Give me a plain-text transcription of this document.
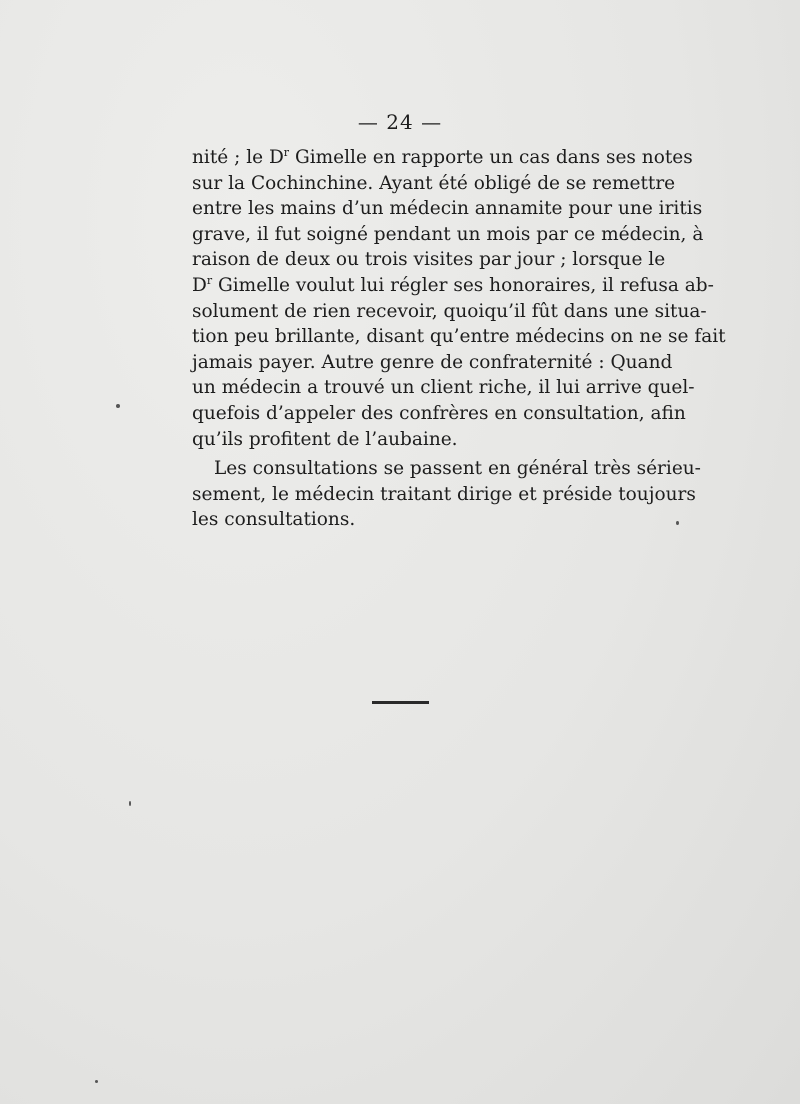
— 24 —
nité ; le $D^r$ Gimelle en rapporte un cas dans ses notes
sur la Cochinchine. Ayant été obligé de se remettre
entre les mains d’un médecin annamite pour une iritis
grave, il fut soigné pendant un mois par ce médecin, à
raison de deux ou trois visites par jour ; lorsque le
$D^r$ Gimelle voulut lui régler ses honoraires, il refusa ab-
solument de rien recevoir, quoiqu’il fût dans une situa-
tion peu brillante, disant qu’entre médecins on ne se fait
jamais payer. Autre genre de confraternité : Quand
un médecin a trouvé un client riche, il lui arrive quel-
quefois d’appeler des confrères en consultation, afin
qu’ils profitent de l’aubaine.
Les consultations se passent en général très sérieu-
sement, le médecin traitant dirige et préside toujours
les consultations.
